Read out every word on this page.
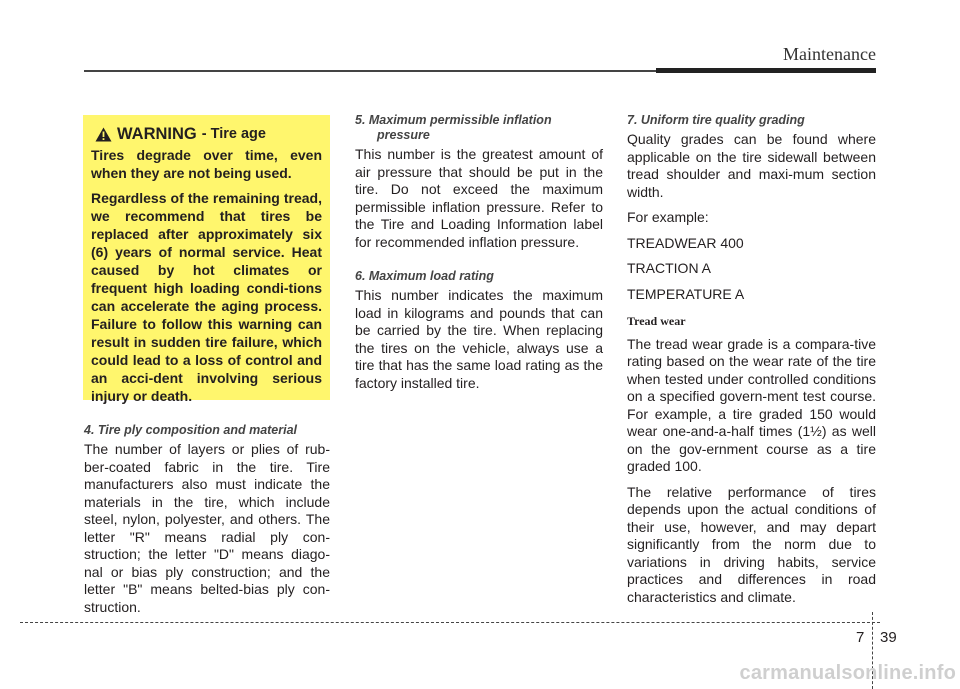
Maintenance
WARNING - Tire age

Tires degrade over time, even when they are not being used.

Regardless of the remaining tread, we recommend that tires be replaced after approximately six (6) years of normal service. Heat caused by hot climates or frequent high loading condi-tions can accelerate the aging process. Failure to follow this warning can result in sudden tire failure, which could lead to a loss of control and an acci-dent involving serious injury or death.

4. Tire ply composition and material

The number of layers or plies of rub-ber-coated fabric in the tire. Tire manufacturers also must indicate the materials in the tire, which include steel, nylon, polyester, and others. The letter "R" means radial ply con-struction; the letter "D" means diago-nal or bias ply construction; and the letter "B" means belted-bias ply con-struction.

5. Maximum permissible inflation
pressure

This number is the greatest amount of air pressure that should be put in the tire. Do not exceed the maximum permissible inflation pressure. Refer to the Tire and Loading Information label for recommended inflation pressure.

6. Maximum load rating

This number indicates the maximum load in kilograms and pounds that can be carried by the tire. When replacing the tires on the vehicle, always use a tire that has the same load rating as the factory installed tire.

7. Uniform tire quality grading

Quality grades can be found where applicable on the tire sidewall between tread shoulder and maxi-mum section width.

For example:

TREADWEAR 400

TRACTION A

TEMPERATURE A

Tread wear

The tread wear grade is a compara-tive rating based on the wear rate of the tire when tested under controlled conditions on a specified govern-ment test course. For example, a tire graded 150 would wear one-and-a-half times (1½) as well on the gov-ernment course as a tire graded 100.

The relative performance of tires depends upon the actual conditions of their use, however, and may depart significantly from the norm due to variations in driving habits, service practices and differences in road characteristics and climate.

7 39
carmanualsonline.info
